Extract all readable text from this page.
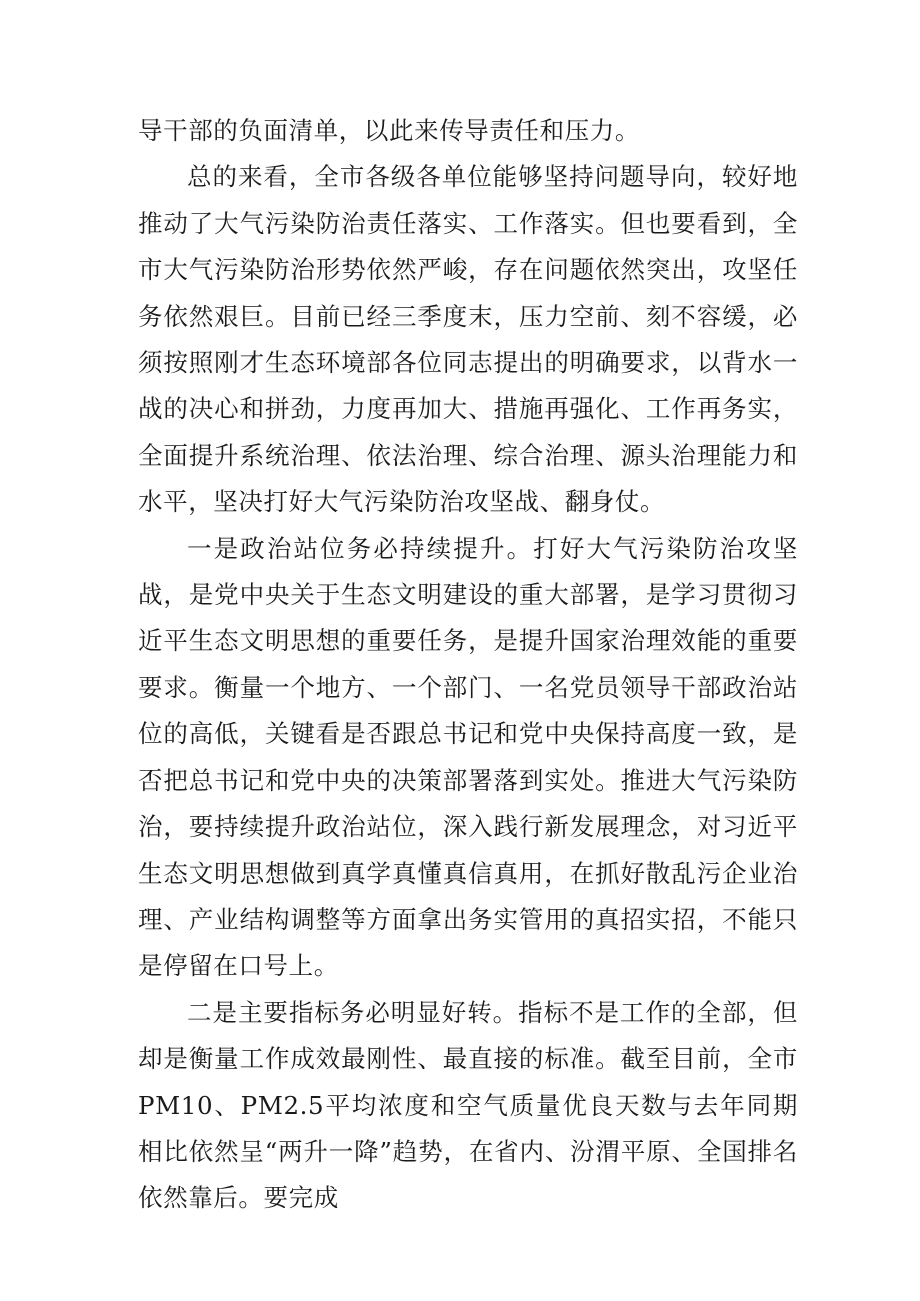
导干部的负面清单，以此来传导责任和压力。

总的来看，全市各级各单位能够坚持问题导向，较好地推动了大气污染防治责任落实、工作落实。但也要看到，全市大气污染防治形势依然严峻，存在问题依然突出，攻坚任务依然艰巨。目前已经三季度末，压力空前、刻不容缓，必须按照刚才生态环境部各位同志提出的明确要求，以背水一战的决心和拼劲，力度再加大、措施再强化、工作再务实，全面提升系统治理、依法治理、综合治理、源头治理能力和水平，坚决打好大气污染防治攻坚战、翻身仗。

一是政治站位务必持续提升。打好大气污染防治攻坚战，是党中央关于生态文明建设的重大部署，是学习贯彻习近平生态文明思想的重要任务，是提升国家治理效能的重要要求。衡量一个地方、一个部门、一名党员领导干部政治站位的高低，关键看是否跟总书记和党中央保持高度一致，是否把总书记和党中央的决策部署落到实处。推进大气污染防治，要持续提升政治站位，深入践行新发展理念，对习近平生态文明思想做到真学真懂真信真用，在抓好散乱污企业治理、产业结构调整等方面拿出务实管用的真招实招，不能只是停留在口号上。

二是主要指标务必明显好转。指标不是工作的全部，但却是衡量工作成效最刚性、最直接的标准。截至目前，全市PM10、PM2.5平均浓度和空气质量优良天数与去年同期相比依然呈“两升一降”趋势，在省内、汾渭平原、全国排名依然靠后。要完成
